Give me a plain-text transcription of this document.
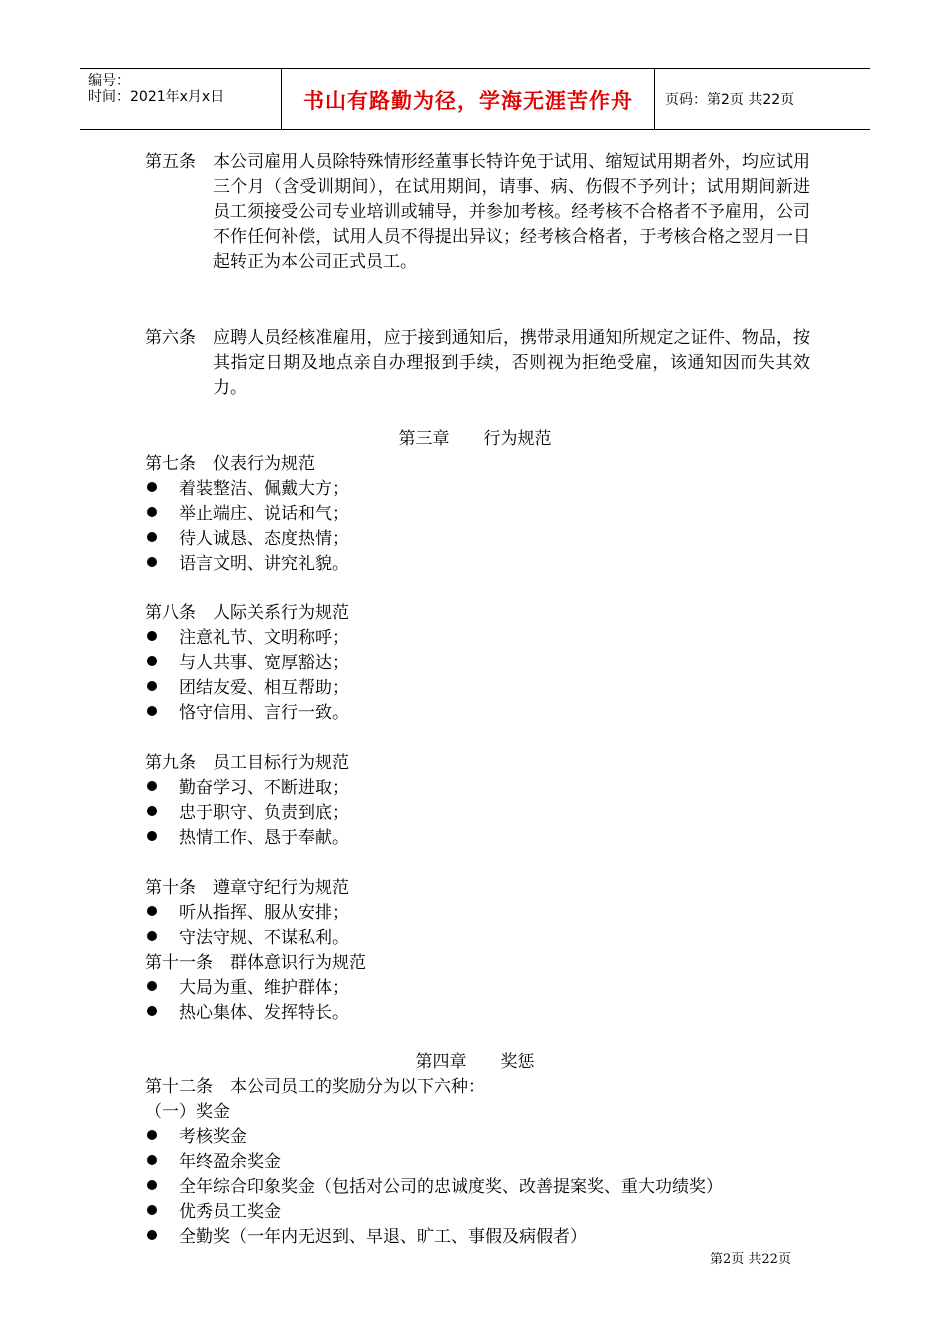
编号：
时间：2021年x月x日	书山有路勤为径，学海无涯苦作舟	页码：第2页 共22页
第五条 本公司雇用人员除特殊情形经董事长特许免于试用、缩短试用期者外，均应试用三个月（含受训期间），在试用期间，请事、病、伤假不予列计；试用期间新进员工须接受公司专业培训或辅导，并参加考核。经考核不合格者不予雇用，公司不作任何补偿，试用人员不得提出异议；经考核合格者，于考核合格之翌月一日起转正为本公司正式员工。
第六条 应聘人员经核准雇用，应于接到通知后，携带录用通知所规定之证件、物品，按其指定日期及地点亲自办理报到手续，否则视为拒绝受雇，该通知因而失其效力。
第三章　　行为规范
第七条　仪表行为规范
着装整洁、佩戴大方；
举止端庄、说话和气；
待人诚恳、态度热情；
语言文明、讲究礼貌。
第八条　人际关系行为规范
注意礼节、文明称呼；
与人共事、宽厚豁达；
团结友爱、相互帮助；
恪守信用、言行一致。
第九条　员工目标行为规范
勤奋学习、不断进取；
忠于职守、负责到底；
热情工作、恳于奉献。
第十条　遵章守纪行为规范
听从指挥、服从安排；
守法守规、不谋私利。
第十一条　群体意识行为规范
大局为重、维护群体；
热心集体、发挥特长。
第四章　　奖惩
第十二条　本公司员工的奖励分为以下六种：
（一）奖金
考核奖金
年终盈余奖金
全年综合印象奖金（包括对公司的忠诚度奖、改善提案奖、重大功绩奖）
优秀员工奖金
全勤奖（一年内无迟到、早退、旷工、事假及病假者）
第2页 共22页
